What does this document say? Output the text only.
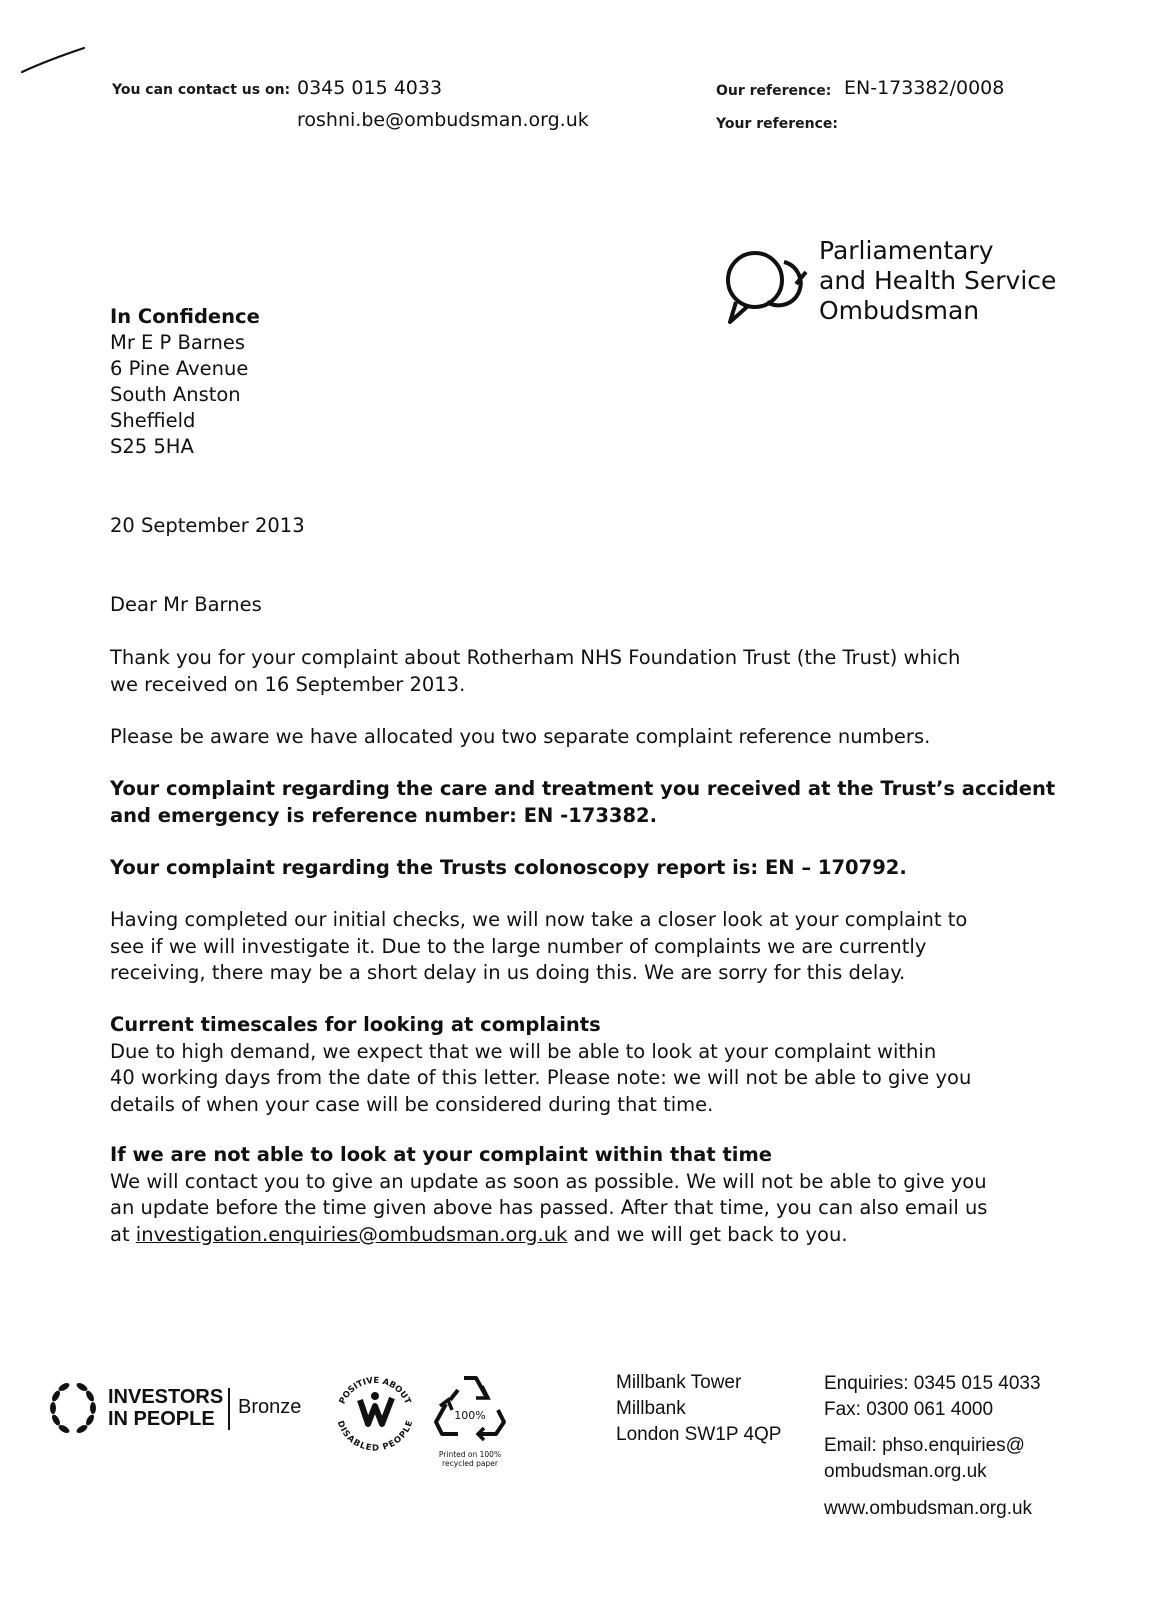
You can contact us on: 0345 015 4033
roshni.be@ombudsman.org.uk
Our reference: EN-173382/0008
Your reference:
Parliamentary
and Health Service
Ombudsman
In Confidence
Mr E P Barnes
6 Pine Avenue
South Anston
Sheffield
S25 5HA
20 September 2013
Dear Mr Barnes
Thank you for your complaint about Rotherham NHS Foundation Trust (the Trust) which
we received on 16 September 2013.
Please be aware we have allocated you two separate complaint reference numbers.
Your complaint regarding the care and treatment you received at the Trust’s accident
and emergency is reference number: EN -173382.
Your complaint regarding the Trusts colonoscopy report is: EN – 170792.
Having completed our initial checks, we will now take a closer look at your complaint to
see if we will investigate it. Due to the large number of complaints we are currently
receiving, there may be a short delay in us doing this. We are sorry for this delay.
Current timescales for looking at complaints
Due to high demand, we expect that we will be able to look at your complaint within
40 working days from the date of this letter. Please note: we will not be able to give you
details of when your case will be considered during that time.
If we are not able to look at your complaint within that time
We will contact you to give an update as soon as possible. We will not be able to give you
an update before the time given above has passed. After that time, you can also email us
at investigation.enquiries@ombudsman.org.uk and we will get back to you.
INVESTORS
IN PEOPLE
Bronze	POSITIVE ABOUT
DISABLED PEOPLE
100%
Printed on 100%
recycled paper
Millbank Tower
Millbank
London SW1P 4QP
Enquiries: 0345 015 4033
Fax: 0300 061 4000
Email: phso.enquiries@
ombudsman.org.uk
www.ombudsman.org.uk
